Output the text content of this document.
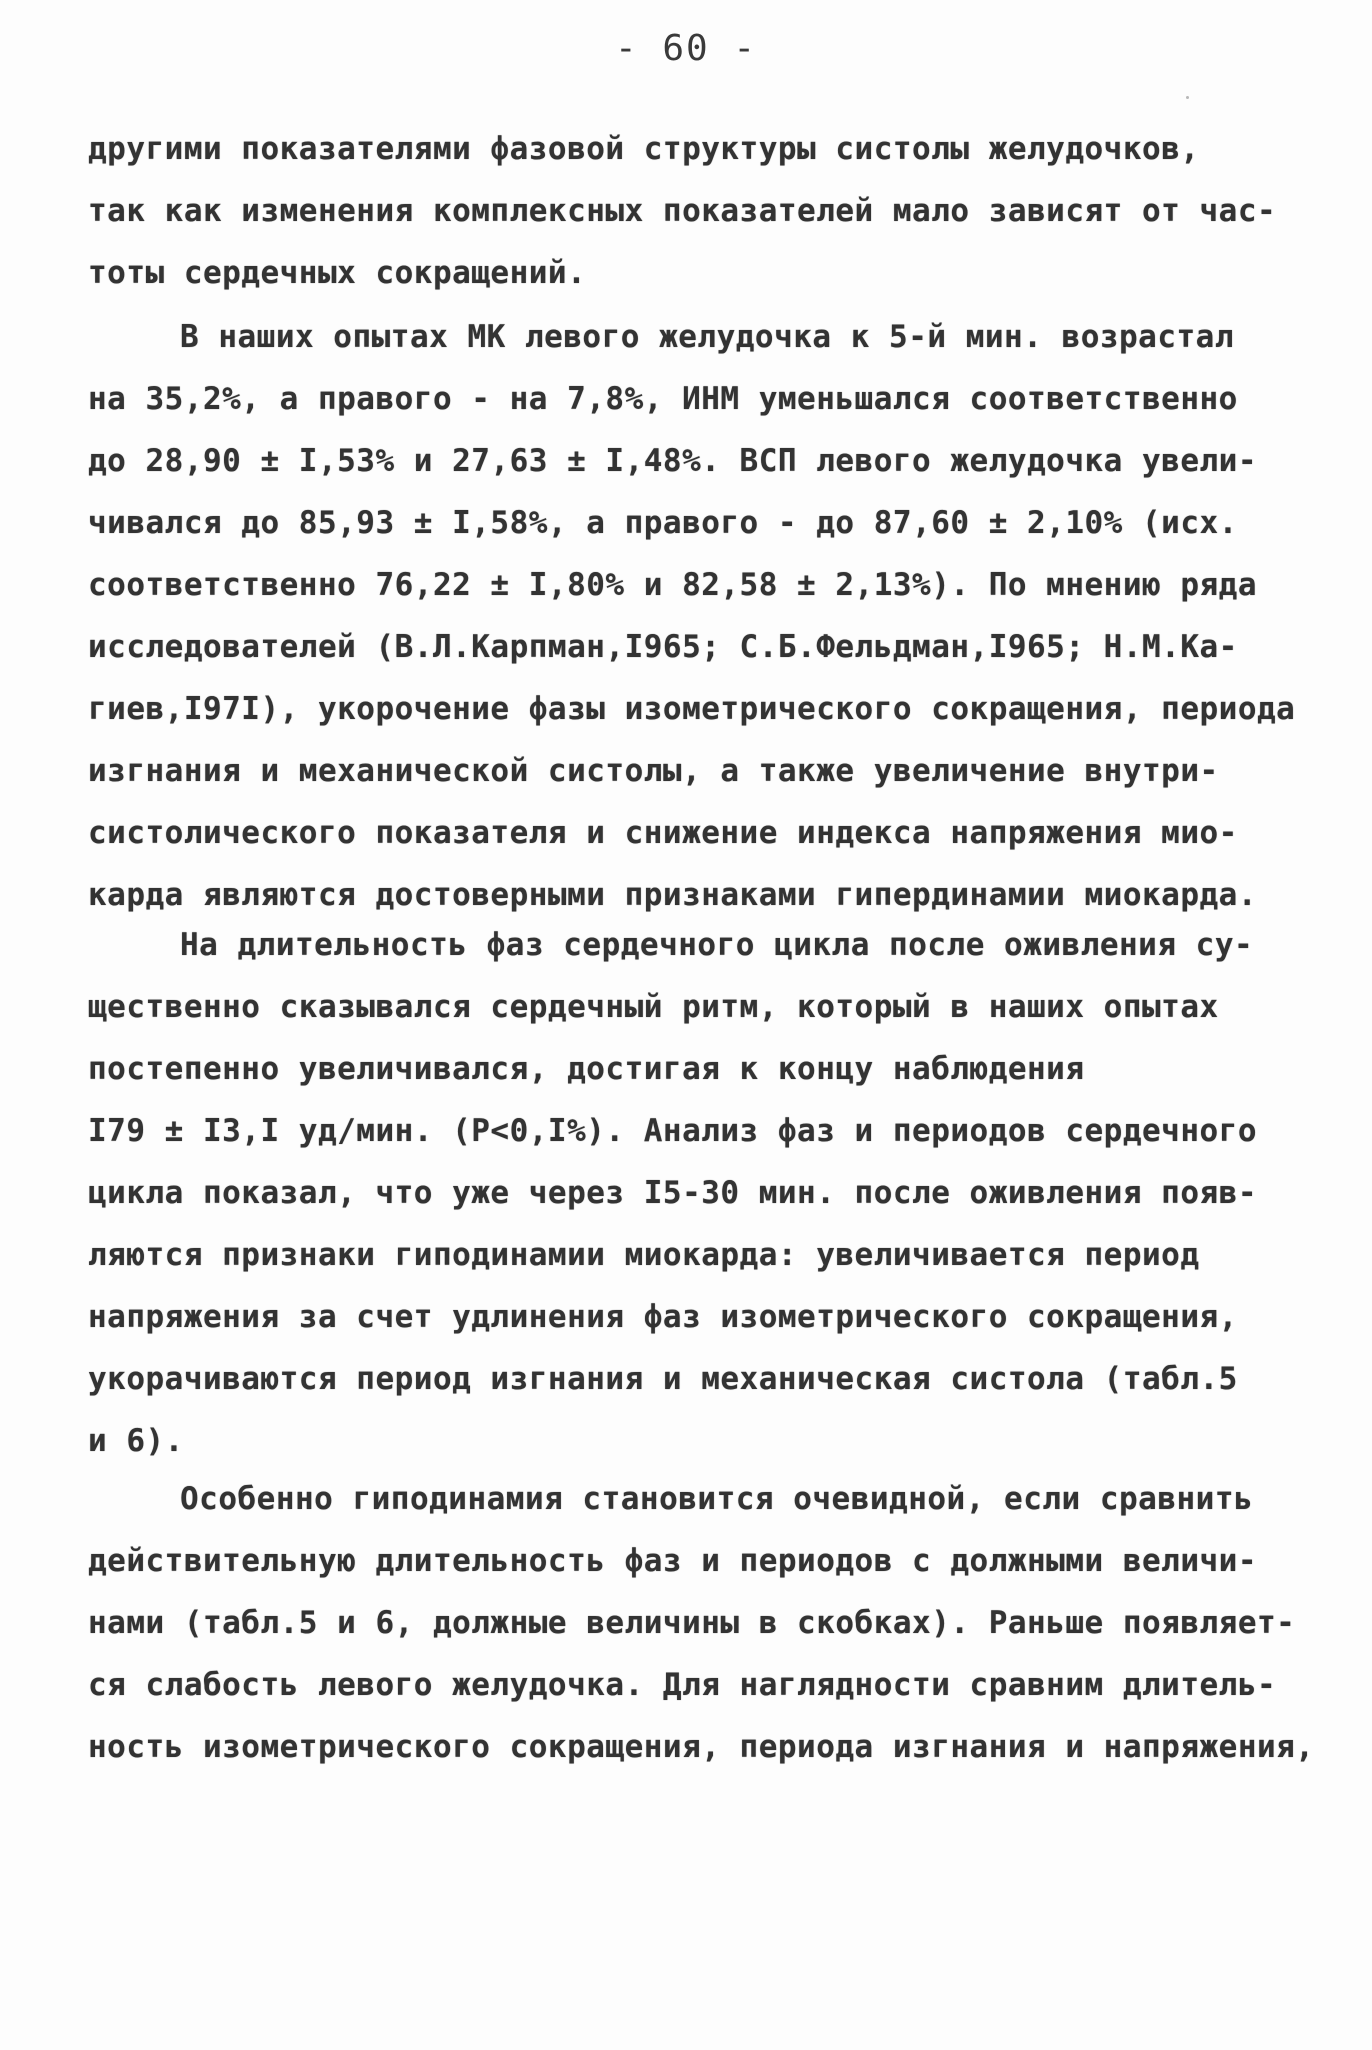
- 60 -
другими показателями фазовой структуры систолы желудочков,
так как изменения комплексных показателей мало зависят от час-
тоты сердечных сокращений.
В наших опытах МК левого желудочка к 5-й мин. возрастал
на 35,2%, а правого - на 7,8%, ИНМ уменьшался соответственно
до 28,90 ± I,53% и 27,63 ± I,48%. ВСП левого желудочка увели-
чивался до 85,93 ± I,58%, а правого - до 87,60 ± 2,10% (исх.
соответственно 76,22 ± I,80% и 82,58 ± 2,13%). По мнению ряда
исследователей (В.Л.Карпман,I965; С.Б.Фельдман,I965; Н.М.Ка-
гиев,I97I), укорочение фазы изометрического сокращения, периода
изгнания и механической систолы, а также увеличение внутри-
систолического показателя и снижение индекса напряжения мио-
карда являются достоверными признаками гипердинамии миокарда.
На длительность фаз сердечного цикла после оживления су-
щественно сказывался сердечный ритм, который в наших опытах
постепенно увеличивался, достигая к концу наблюдения
I79 ± I3,I уд/мин. (P<0,I%). Анализ фаз и периодов сердечного
цикла показал, что уже через I5-30 мин. после оживления появ-
ляются признаки гиподинамии миокарда: увеличивается период
напряжения за счет удлинения фаз изометрического сокращения,
укорачиваются период изгнания и механическая систола (табл.5
и 6).
Особенно гиподинамия становится очевидной, если сравнить
действительную длительность фаз и периодов с должными величи-
нами (табл.5 и 6, должные величины в скобках). Раньше появляет-
ся слабость левого желудочка. Для наглядности сравним длитель-
ность изометрического сокращения, периода изгнания и напряжения,
